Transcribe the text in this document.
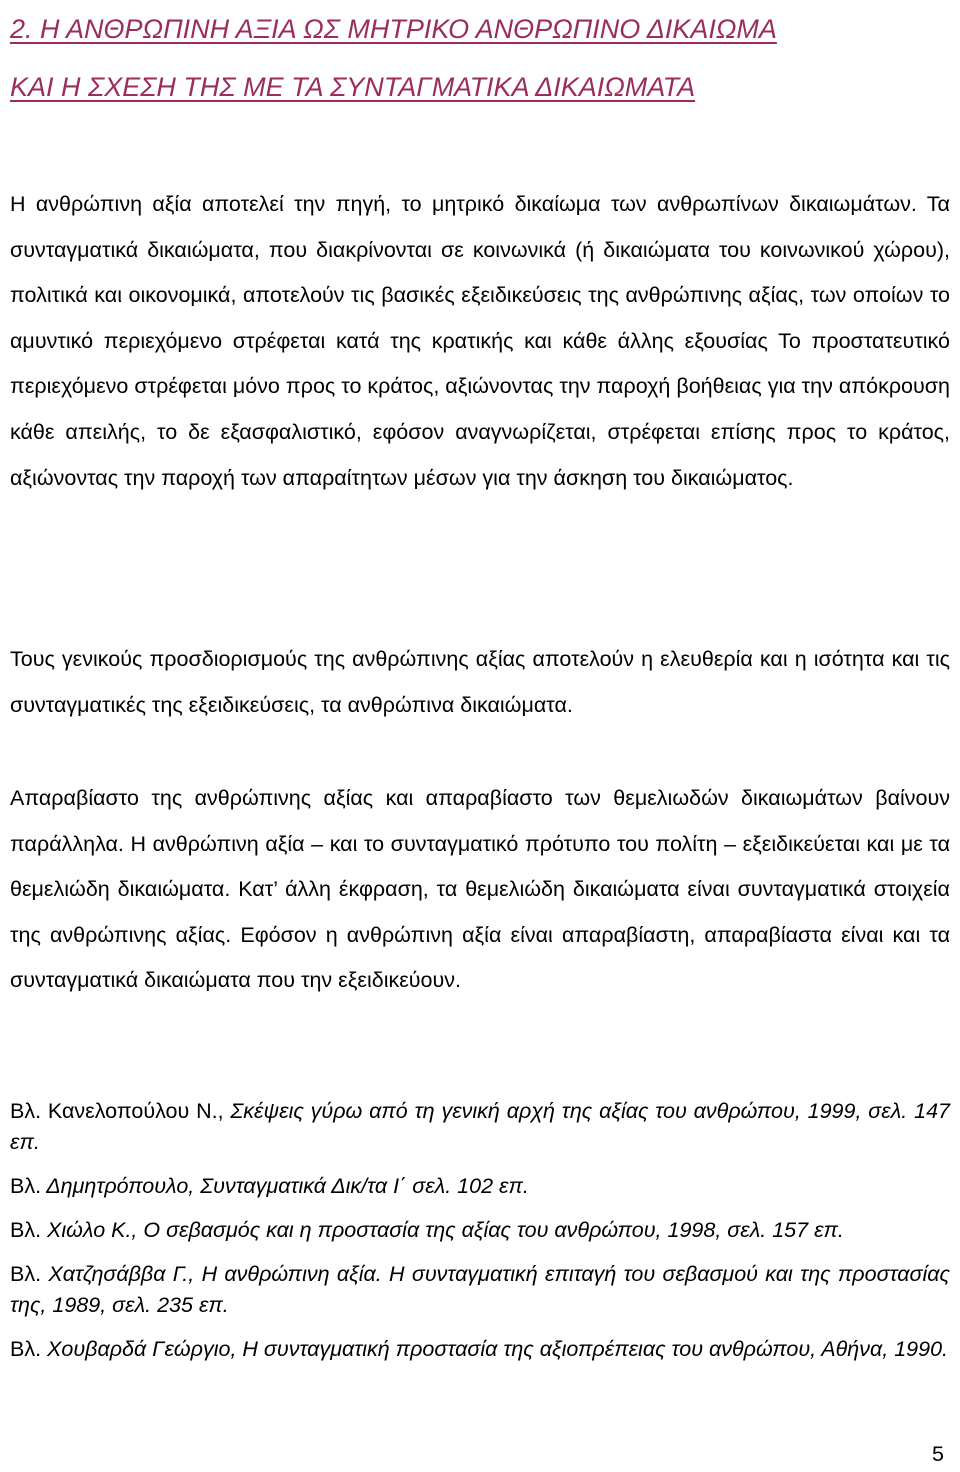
2. Η ΑΝΘΡΩΠΙΝΗ ΑΞΙΑ ΩΣ ΜΗΤΡΙΚΟ ΑΝΘΡΩΠΙΝΟ ΔΙΚΑΙΩΜΑ
ΚΑΙ Η ΣΧΕΣΗ ΤΗΣ ΜΕ ΤΑ ΣΥΝΤΑΓΜΑΤΙΚΑ ΔΙΚΑΙΩΜΑΤΑ

Η ανθρώπινη αξία αποτελεί την πηγή, το μητρικό δικαίωμα των ανθρωπίνων δικαιωμάτων. Τα συνταγματικά δικαιώματα, που διακρίνονται σε κοινωνικά (ή δικαιώματα του κοινωνικού χώρου), πολιτικά και οικονομικά, αποτελούν τις βασικές εξειδικεύσεις της ανθρώπινης αξίας, των οποίων το αμυντικό περιεχόμενο στρέφεται κατά της κρατικής και κάθε άλλης εξουσίας Το προστατευτικό περιεχόμενο στρέφεται μόνο προς το κράτος, αξιώνοντας την παροχή βοήθειας για την απόκρουση κάθε απειλής, το δε εξασφαλιστικό, εφόσον αναγνωρίζεται, στρέφεται επίσης προς το κράτος, αξιώνοντας την παροχή των απαραίτητων μέσων για την άσκηση του δικαιώματος.

Τους γενικούς προσδιορισμούς της ανθρώπινης αξίας αποτελούν η ελευθερία και η ισότητα και τις συνταγματικές της εξειδικεύσεις, τα ανθρώπινα δικαιώματα.

Απαραβίαστο της ανθρώπινης αξίας και απαραβίαστο των θεμελιωδών δικαιωμάτων βαίνουν παράλληλα. Η ανθρώπινη αξία – και το συνταγματικό πρότυπο του πολίτη – εξειδικεύεται και με τα θεμελιώδη δικαιώματα. Κατ’ άλλη έκφραση, τα θεμελιώδη δικαιώματα είναι συνταγματικά στοιχεία της ανθρώπινης αξίας. Εφόσον η ανθρώπινη αξία είναι απαραβίαστη, απαραβίαστα είναι και τα συνταγματικά δικαιώματα που την εξειδικεύουν.

Βλ. Κανελοπούλου Ν., Σκέψεις γύρω από τη γενική αρχή της αξίας του ανθρώπου, 1999, σελ. 147 επ.
Βλ. Δημητρόπουλο, Συνταγματικά Δικ/τα Ι΄ σελ. 102 επ.
Βλ. Χιώλο Κ., Ο σεβασμός και η προστασία της αξίας του ανθρώπου, 1998, σελ. 157 επ.
Βλ. Χατζησάββα Γ., Η ανθρώπινη αξία. Η συνταγματική επιταγή του σεβασμού και της προστασίας της, 1989, σελ. 235 επ.
Βλ. Χουβαρδά Γεώργιο, Η συνταγματική προστασία της αξιοπρέπειας του ανθρώπου, Αθήνα, 1990.
5
